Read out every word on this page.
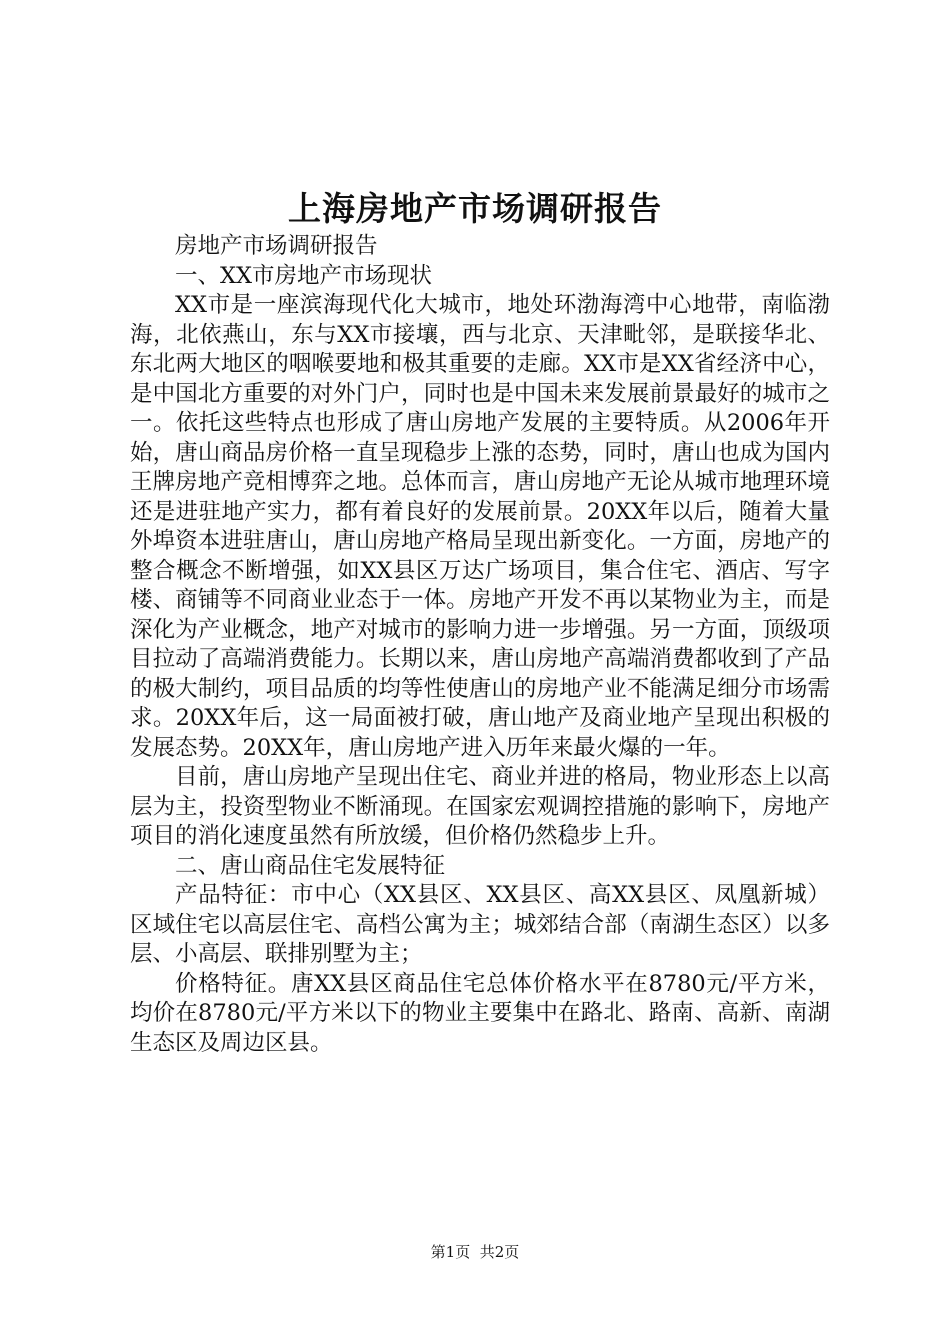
上海房地产市场调研报告

房地产市场调研报告

一、XX市房地产市场现状

XX市是一座滨海现代化大城市，地处环渤海湾中心地带，南临渤海，北依燕山，东与XX市接壤，西与北京、天津毗邻，是联接华北、东北两大地区的咽喉要地和极其重要的走廊。XX市是XX省经济中心，是中国北方重要的对外门户，同时也是中国未来发展前景最好的城市之一。依托这些特点也形成了唐山房地产发展的主要特质。从2006年开始，唐山商品房价格一直呈现稳步上涨的态势，同时，唐山也成为国内王牌房地产竞相博弈之地。总体而言，唐山房地产无论从城市地理环境还是进驻地产实力，都有着良好的发展前景。20XX年以后，随着大量外埠资本进驻唐山，唐山房地产格局呈现出新变化。一方面，房地产的整合概念不断增强，如XX县区万达广场项目，集合住宅、酒店、写字楼、商铺等不同商业业态于一体。房地产开发不再以某物业为主，而是深化为产业概念，地产对城市的影响力进一步增强。另一方面，顶级项目拉动了高端消费能力。长期以来，唐山房地产高端消费都收到了产品的极大制约，项目品质的均等性使唐山的房地产业不能满足细分市场需求。20XX年后，这一局面被打破，唐山地产及商业地产呈现出积极的发展态势。20XX年，唐山房地产进入历年来最火爆的一年。

目前，唐山房地产呈现出住宅、商业并进的格局，物业形态上以高层为主，投资型物业不断涌现。在国家宏观调控措施的影响下，房地产项目的消化速度虽然有所放缓，但价格仍然稳步上升。

二、唐山商品住宅发展特征

产品特征：市中心（XX县区、XX县区、高XX县区、凤凰新城）区域住宅以高层住宅、高档公寓为主；城郊结合部（南湖生态区）以多层、小高层、联排别墅为主；

价格特征。唐XX县区商品住宅总体价格水平在8780元/平方米，均价在8780元/平方米以下的物业主要集中在路北、路南、高新、南湖生态区及周边区县。

第1页 共2页
